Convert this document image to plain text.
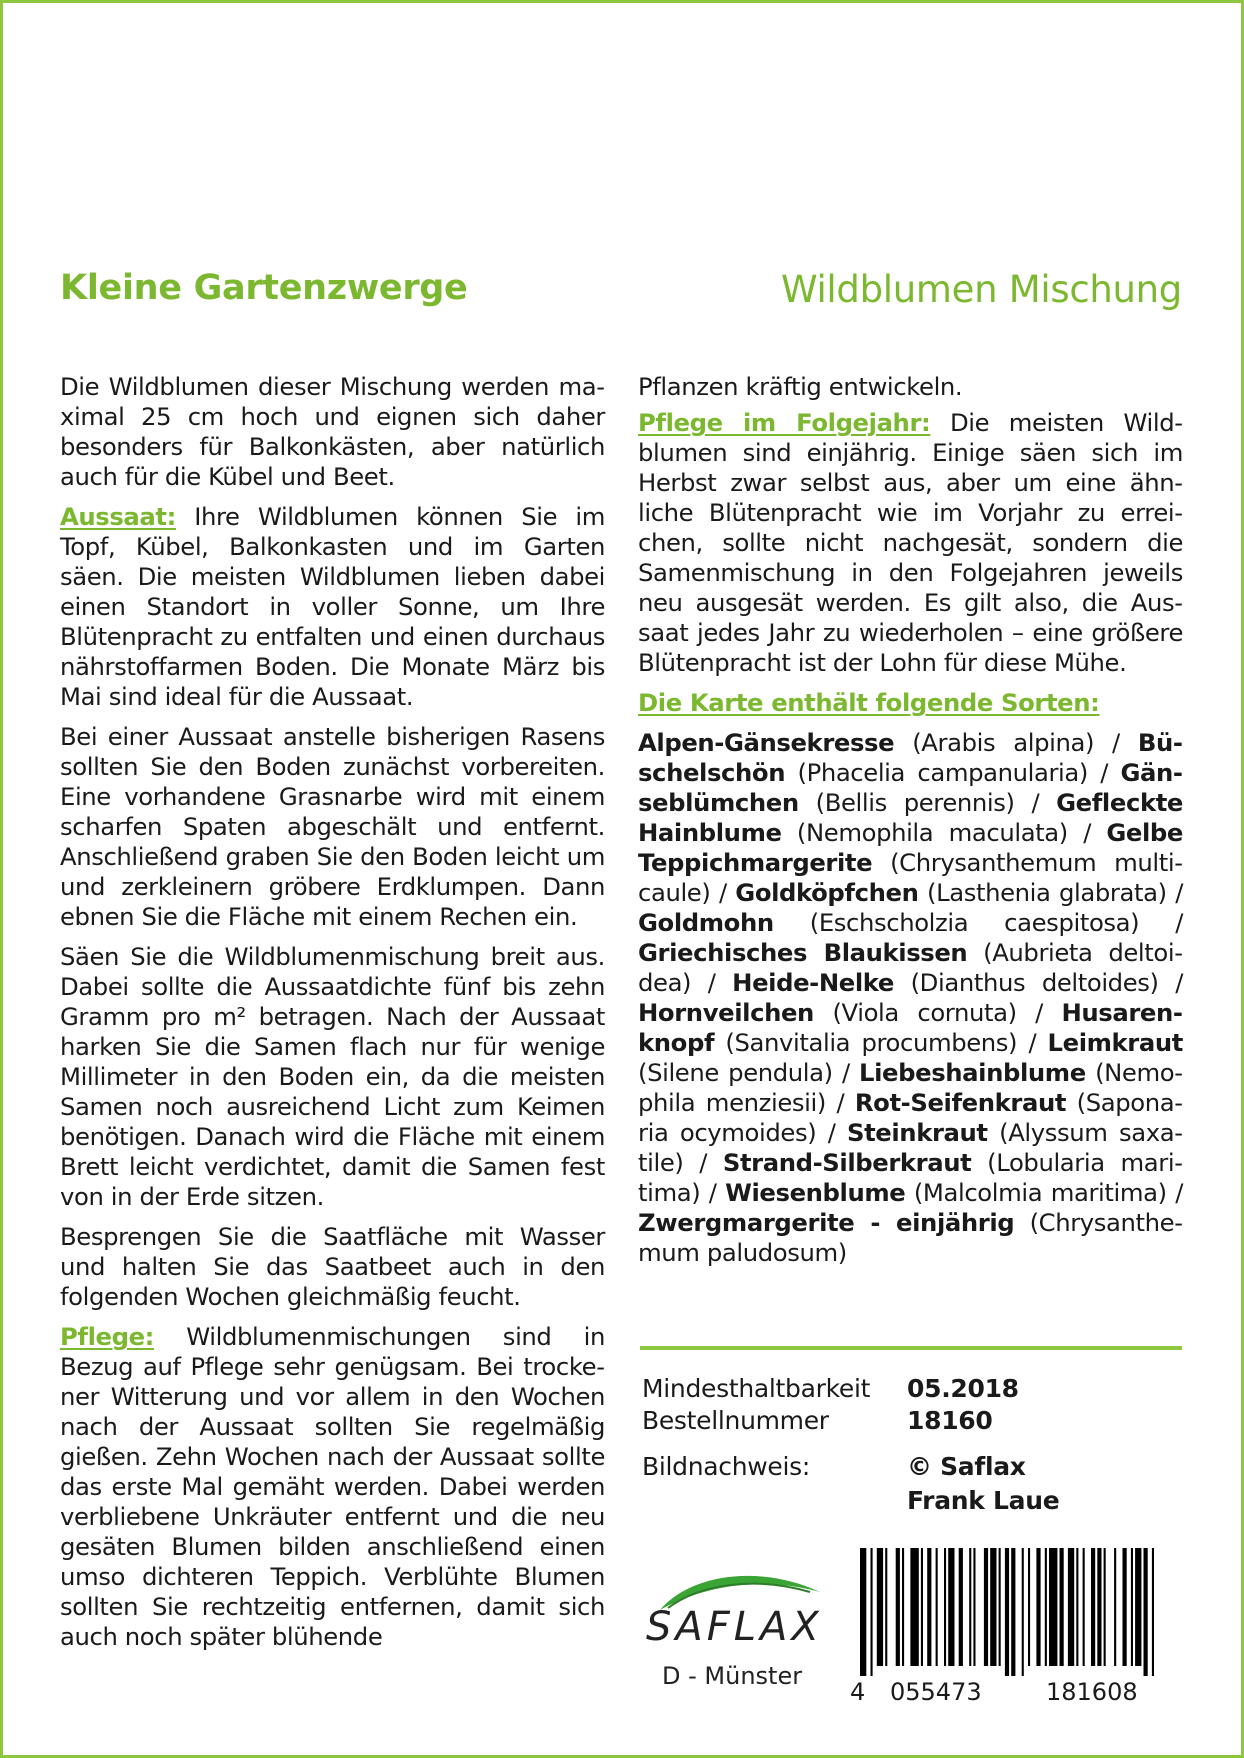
Kleine Gartenzwerge	Wildblumen Mischung

Die Wildblumen dieser Mischung werden maximal 25 cm hoch und eignen sich daher besonders für Balkonkästen, aber natürlich auch für die Kübel und Beet.

Aussaat: Ihre Wildblumen können Sie im Topf, Kübel, Balkonkasten und im Garten säen. Die meisten Wildblumen lieben dabei einen Standort in voller Sonne, um Ihre Blütenpracht zu entfalten und einen durchaus nährstoffarmen Boden. Die Monate März bis Mai sind ideal für die Aussaat.

Bei einer Aussaat anstelle bisherigen Rasens sollten Sie den Boden zunächst vorbereiten. Eine vorhandene Grasnarbe wird mit einem scharfen Spaten abgeschält und entfernt. Anschließend graben Sie den Boden leicht um und zerkleinern gröbere Erdklumpen. Dann ebnen Sie die Fläche mit einem Rechen ein.

Säen Sie die Wildblumenmischung breit aus. Dabei sollte die Aussaatdichte fünf bis zehn Gramm pro m² betragen. Nach der Aussaat harken Sie die Samen flach nur für wenige Millimeter in den Boden ein, da die meisten Samen noch ausreichend Licht zum Keimen benötigen. Danach wird die Fläche mit einem Brett leicht verdichtet, damit die Samen fest von in der Erde sitzen.

Besprengen Sie die Saatfläche mit Wasser und halten Sie das Saatbeet auch in den folgenden Wochen gleichmäßig feucht.

Pflege: Wildblumenmischungen sind in Bezug auf Pflege sehr genügsam. Bei trockener Witterung und vor allem in den Wochen nach der Aussaat sollten Sie regelmäßig gießen. Zehn Wochen nach der Aussaat sollte das erste Mal gemäht werden. Dabei werden verbliebene Unkräuter entfernt und die neu gesäten Blumen bilden anschließend einen umso dichteren Teppich. Verblühte Blumen sollten Sie rechtzeitig entfernen, damit sich auch noch später blühende

Pflanzen kräftig entwickeln.

Pflege im Folgejahr: Die meisten Wildblumen sind einjährig. Einige säen sich im Herbst zwar selbst aus, aber um eine ähnliche Blütenpracht wie im Vorjahr zu erreichen, sollte nicht nachgesät, sondern die Samenmischung in den Folgejahren jeweils neu ausgesät werden. Es gilt also, die Aussaat jedes Jahr zu wiederholen – eine größere Blütenpracht ist der Lohn für diese Mühe.

Die Karte enthält folgende Sorten:

Alpen-Gänsekresse (Arabis alpina) / Büschelschön (Phacelia campanularia) / Gänseblümchen (Bellis perennis) / Gefleckte Hainblume (Nemophila maculata) / Gelbe Teppichmargerite (Chrysanthemum multicaule) / Goldköpfchen (Lasthenia glabrata) / Goldmohn (Eschscholzia caespitosa) / Griechisches Blaukissen (Aubrieta deltoidea) / Heide-Nelke (Dianthus deltoides) / Hornveilchen (Viola cornuta) / Husarenknopf (Sanvitalia procumbens) / Leimkraut (Silene pendula) / Liebeshainblume (Nemophila menziesii) / Rot-Seifenkraut (Saponaria ocymoides) / Steinkraut (Alyssum saxatile) / Strand-Silberkraut (Lobularia maritima) / Wiesenblume (Malcolmia maritima) / Zwergmargerite - einjährig (Chrysanthemum paludosum)

Mindesthaltbarkeit 05.2018
Bestellnummer	18160
Bildnachweis:	© Saflax
Frank Laue
SAFLAX
D - Münster
4 055473	181608
